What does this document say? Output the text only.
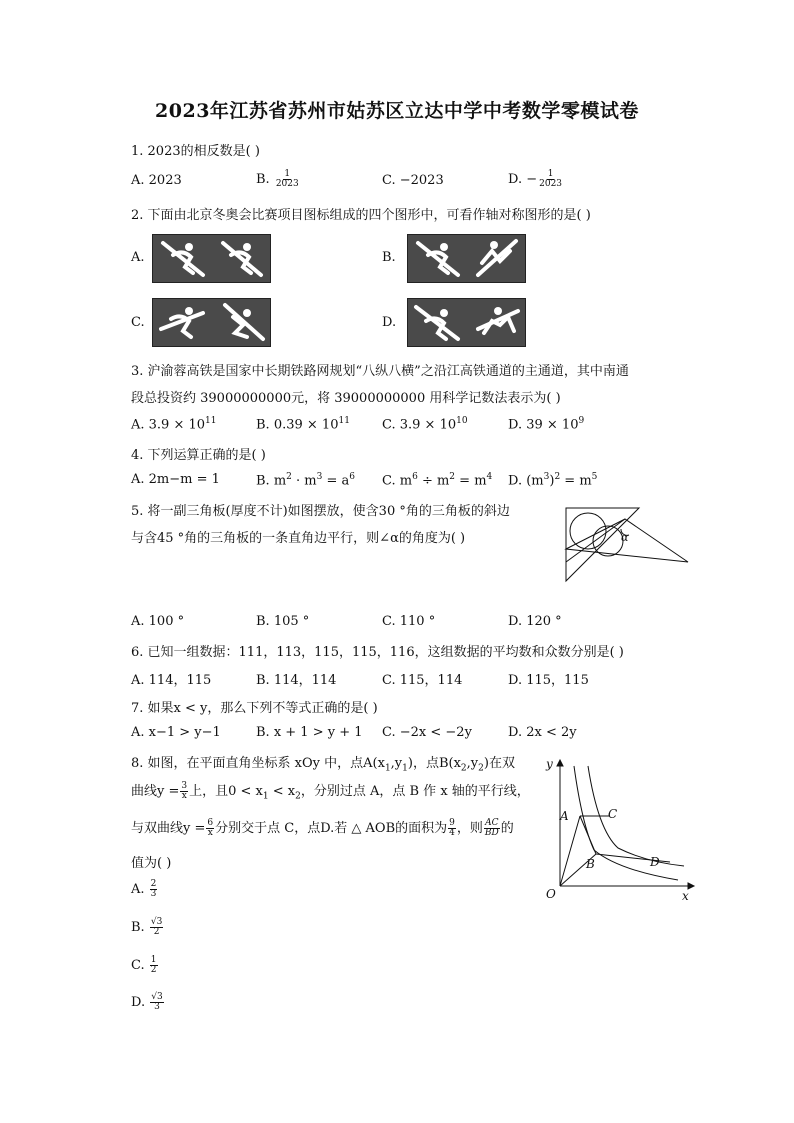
2023年江苏省苏州市姑苏区立达中学中考数学零模试卷
1. 2023的相反数是( )
A. 2023	B. $\frac{1}{2023}$	C. −2023	D. − $\frac{1}{2023}$
2. 下面由北京冬奥会比赛项目图标组成的四个图形中，可看作轴对称图形的是( )
A.	B.
C.	D.
3. 沪渝蓉高铁是国家中长期铁路网规划“八纵八横”之沿江高铁通道的主通道，其中南通
段总投资约 39000000000元，将 39000000000 用科学记数法表示为( )
A. $3.9 \times 10^{11}$	B. $0.39 \times 10^{11}$ C. $3.9 \times 10^{10}$	D. $39 \times 10^9$
4. 下列运算正确的是( )
A. 2m−m = 1	B. $m^2 \cdot m^3 = a^6$ C. $m^6 \div m^2 = m^4$ D. $(m^3)^2 = m^5$
5. 将一副三角板(厚度不计)如图摆放，使含30 °角的三角板的斜边
与含45 °角的三角板的一条直角边平行，则∠α的角度为( )	α
A. 100 °	B. 105 °	C. 110 °	D. 120 °
6. 已知一组数据：111，113，115，115，116，这组数据的平均数和众数分别是( )
A. 114，115	B. 114，114	C. 115，114	D. 115，115
7. 如果x < y，那么下列不等式正确的是( )
A. x−1 > y−1	B. x + 1 > y + 1 C. −2x < −2y	D. 2x < 2y
8. 如图，在平面直角坐标系 xOy 中，点$A(x_1,y_1)$，点$B(x_2,y_2)$在双
曲线$y = \frac{3}{x}$ 上，且$0 < x_1 < x_2$，分别过点 A，点 B 作 x 轴的平行线，
与双曲线$y = \frac{6}{x}$ 分别交于点 C，点D.若 △ AOB的面积为 $\frac{9}{4}$ ，则 $\frac{AC}{BD}$ 的
值为( )
A. $\frac{2}{3}$
B. $\frac{√3}{2}$
C. $\frac{1}{2}$
D. $\frac{√3}{3}$
y
x
O
A
B
C
D
